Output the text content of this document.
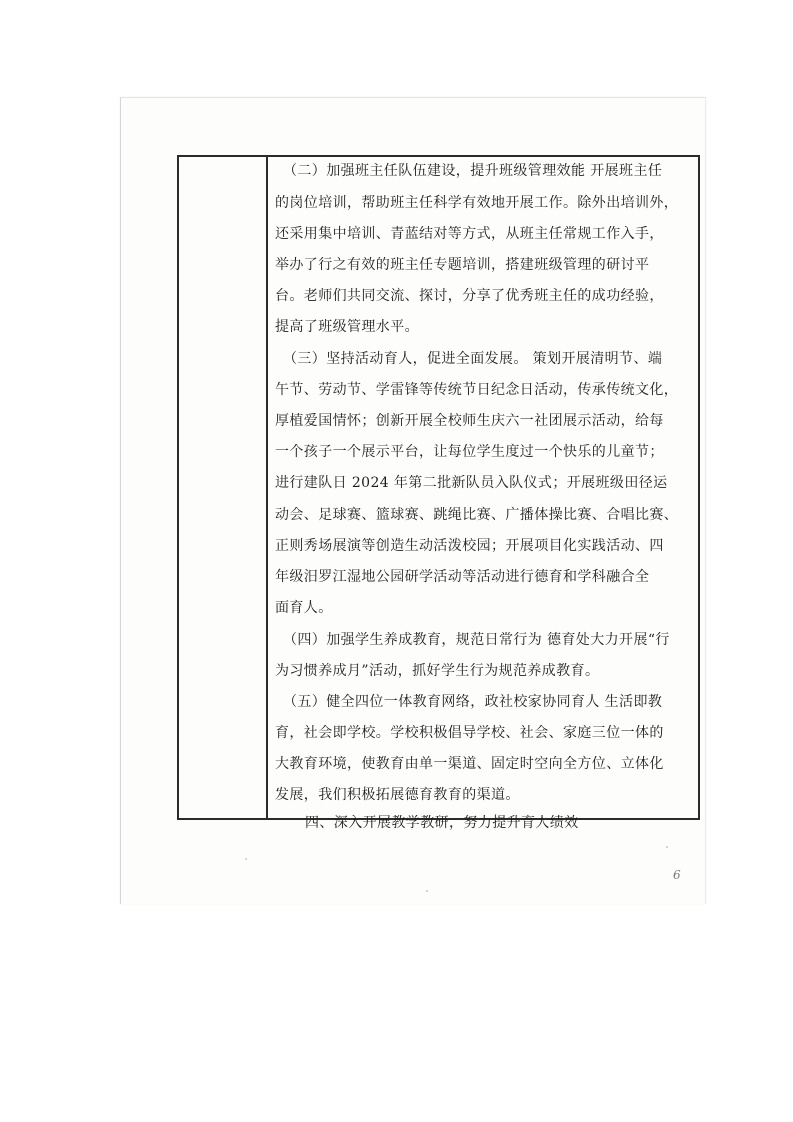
（二）加强班主任队伍建设，提升班级管理效能 开展班主任
的岗位培训，帮助班主任科学有效地开展工作。除外出培训外，
还采用集中培训、青蓝结对等方式，从班主任常规工作入手，
举办了行之有效的班主任专题培训，搭建班级管理的研讨平
台。老师们共同交流、探讨，分享了优秀班主任的成功经验，
提高了班级管理水平。
（三）坚持活动育人，促进全面发展。 策划开展清明节、端
午节、劳动节、学雷锋等传统节日纪念日活动，传承传统文化，
厚植爱国情怀；创新开展全校师生庆六一社团展示活动，给每
一个孩子一个展示平台，让每位学生度过一个快乐的儿童节；
进行建队日 2024 年第二批新队员入队仪式；开展班级田径运
动会、足球赛、篮球赛、跳绳比赛、广播体操比赛、合唱比赛、
正则秀场展演等创造生动活泼校园；开展项目化实践活动、四
年级汨罗江湿地公园研学活动等活动进行德育和学科融合全
面育人。
（四）加强学生养成教育，规范日常行为 德育处大力开展“行
为习惯养成月”活动，抓好学生行为规范养成教育。
（五）健全四位一体教育网络，政社校家协同育人 生活即教
育，社会即学校。学校积极倡导学校、社会、家庭三位一体的
大教育环境，使教育由单一渠道、固定时空向全方位、立体化
发展，我们积极拓展德育教育的渠道。
四、深入开展教学教研，努力提升育人绩效
6
